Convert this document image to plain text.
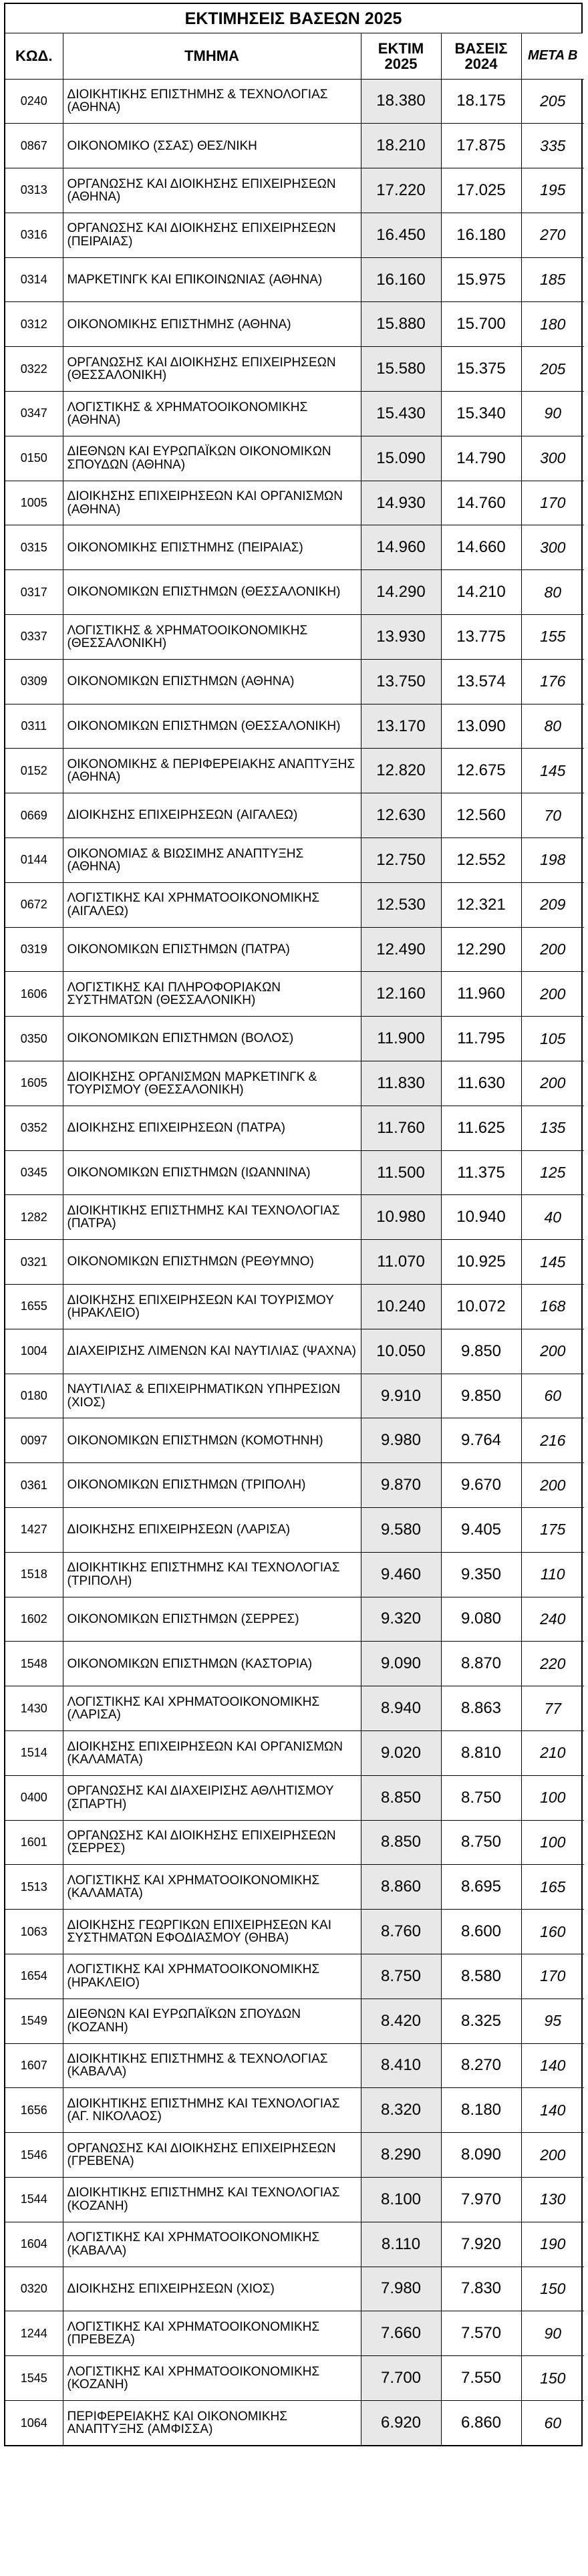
ΕΚΤΙΜΗΣΕΙΣ ΒΑΣΕΩΝ 2025
ΚΩΔ.	ΤΜΗΜΑ	ΕΚΤΙΜ 2025	ΒΑΣΕΙΣ 2024	ΜΕΤΑ Β
0240	ΔΙΟΙΚΗΤΙΚΗΣ ΕΠΙΣΤΗΜΗΣ & ΤΕΧΝΟΛΟΓΙΑΣ (ΑΘΗΝΑ)	18.380	18.175	205
0867	ΟΙΚΟΝΟΜΙΚΟ (ΣΣΑΣ) ΘΕΣ/ΝΙΚΗ	18.210	17.875	335
0313	ΟΡΓΑΝΩΣΗΣ ΚΑΙ ΔΙΟΙΚΗΣΗΣ ΕΠΙΧΕΙΡΗΣΕΩΝ (ΑΘΗΝΑ)	17.220	17.025	195
0316	ΟΡΓΑΝΩΣΗΣ ΚΑΙ ΔΙΟΙΚΗΣΗΣ ΕΠΙΧΕΙΡΗΣΕΩΝ (ΠΕΙΡΑΙΑΣ)	16.450	16.180	270
0314	ΜΑΡΚΕΤΙΝΓΚ ΚΑΙ ΕΠΙΚΟΙΝΩΝΙΑΣ (ΑΘΗΝΑ)	16.160	15.975	185
0312	ΟΙΚΟΝΟΜΙΚΗΣ ΕΠΙΣΤΗΜΗΣ (ΑΘΗΝΑ)	15.880	15.700	180
0322	ΟΡΓΑΝΩΣΗΣ ΚΑΙ ΔΙΟΙΚΗΣΗΣ ΕΠΙΧΕΙΡΗΣΕΩΝ (ΘΕΣΣΑΛΟΝΙΚΗ)	15.580	15.375	205
0347	ΛΟΓΙΣΤΙΚΗΣ & ΧΡΗΜΑΤΟΟΙΚΟΝΟΜΙΚΗΣ (ΑΘΗΝΑ)	15.430	15.340	90
0150	ΔΙΕΘΝΩΝ ΚΑΙ ΕΥΡΩΠΑΪΚΩΝ ΟΙΚΟΝΟΜΙΚΩΝ ΣΠΟΥΔΩΝ (ΑΘΗΝΑ)	15.090	14.790	300
1005	ΔΙΟΙΚΗΣΗΣ ΕΠΙΧΕΙΡΗΣΕΩΝ ΚΑΙ ΟΡΓΑΝΙΣΜΩΝ (ΑΘΗΝΑ)	14.930	14.760	170
0315	ΟΙΚΟΝΟΜΙΚΗΣ ΕΠΙΣΤΗΜΗΣ (ΠΕΙΡΑΙΑΣ)	14.960	14.660	300
0317	ΟΙΚΟΝΟΜΙΚΩΝ ΕΠΙΣΤΗΜΩΝ (ΘΕΣΣΑΛΟΝΙΚΗ)	14.290	14.210	80
0337	ΛΟΓΙΣΤΙΚΗΣ & ΧΡΗΜΑΤΟΟΙΚΟΝΟΜΙΚΗΣ (ΘΕΣΣΑΛΟΝΙΚΗ)	13.930	13.775	155
0309	ΟΙΚΟΝΟΜΙΚΩΝ ΕΠΙΣΤΗΜΩΝ (ΑΘΗΝΑ)	13.750	13.574	176
0311	ΟΙΚΟΝΟΜΙΚΩΝ ΕΠΙΣΤΗΜΩΝ (ΘΕΣΣΑΛΟΝΙΚΗ)	13.170	13.090	80
0152	ΟΙΚΟΝΟΜΙΚΗΣ & ΠΕΡΙΦΕΡΕΙΑΚΗΣ ΑΝΑΠΤΥΞΗΣ (ΑΘΗΝΑ)	12.820	12.675	145
0669	ΔΙΟΙΚΗΣΗΣ ΕΠΙΧΕΙΡΗΣΕΩΝ (ΑΙΓΑΛΕΩ)	12.630	12.560	70
0144	ΟΙΚΟΝΟΜΙΑΣ & ΒΙΩΣΙΜΗΣ ΑΝΑΠΤΥΞΗΣ (ΑΘΗΝΑ)	12.750	12.552	198
0672	ΛΟΓΙΣΤΙΚΗΣ ΚΑΙ ΧΡΗΜΑΤΟΟΙΚΟΝΟΜΙΚΗΣ (ΑΙΓΑΛΕΩ)	12.530	12.321	209
0319	ΟΙΚΟΝΟΜΙΚΩΝ ΕΠΙΣΤΗΜΩΝ (ΠΑΤΡΑ)	12.490	12.290	200
1606	ΛΟΓΙΣΤΙΚΗΣ ΚΑΙ ΠΛΗΡΟΦΟΡΙΑΚΩΝ ΣΥΣΤΗΜΑΤΩΝ (ΘΕΣΣΑΛΟΝΙΚΗ)	12.160	11.960	200
0350	ΟΙΚΟΝΟΜΙΚΩΝ ΕΠΙΣΤΗΜΩΝ (ΒΟΛΟΣ)	11.900	11.795	105
1605	ΔΙΟΙΚΗΣΗΣ ΟΡΓΑΝΙΣΜΩΝ ΜΑΡΚΕΤΙΝΓΚ & ΤΟΥΡΙΣΜΟΥ (ΘΕΣΣΑΛΟΝΙΚΗ)	11.830	11.630	200
0352	ΔΙΟΙΚΗΣΗΣ ΕΠΙΧΕΙΡΗΣΕΩΝ (ΠΑΤΡΑ)	11.760	11.625	135
0345	ΟΙΚΟΝΟΜΙΚΩΝ ΕΠΙΣΤΗΜΩΝ (ΙΩΑΝΝΙΝΑ)	11.500	11.375	125
1282	ΔΙΟΙΚΗΤΙΚΗΣ ΕΠΙΣΤΗΜΗΣ ΚΑΙ ΤΕΧΝΟΛΟΓΙΑΣ (ΠΑΤΡΑ)	10.980	10.940	40
0321	ΟΙΚΟΝΟΜΙΚΩΝ ΕΠΙΣΤΗΜΩΝ (ΡΕΘΥΜΝΟ)	11.070	10.925	145
1655	ΔΙΟΙΚΗΣΗΣ ΕΠΙΧΕΙΡΗΣΕΩΝ ΚΑΙ ΤΟΥΡΙΣΜΟΥ (ΗΡΑΚΛΕΙΟ)	10.240	10.072	168
1004	ΔΙΑΧΕΙΡΙΣΗΣ ΛΙΜΕΝΩΝ ΚΑΙ ΝΑΥΤΙΛΙΑΣ (ΨΑΧΝΑ)	10.050	9.850	200
0180	ΝΑΥΤΙΛΙΑΣ & ΕΠΙΧΕΙΡΗΜΑΤΙΚΩΝ ΥΠΗΡΕΣΙΩΝ (ΧΙΟΣ)	9.910	9.850	60
0097	ΟΙΚΟΝΟΜΙΚΩΝ ΕΠΙΣΤΗΜΩΝ (ΚΟΜΟΤΗΝΗ)	9.980	9.764	216
0361	ΟΙΚΟΝΟΜΙΚΩΝ ΕΠΙΣΤΗΜΩΝ (ΤΡΙΠΟΛΗ)	9.870	9.670	200
1427	ΔΙΟΙΚΗΣΗΣ ΕΠΙΧΕΙΡΗΣΕΩΝ (ΛΑΡΙΣΑ)	9.580	9.405	175
1518	ΔΙΟΙΚΗΤΙΚΗΣ ΕΠΙΣΤΗΜΗΣ ΚΑΙ ΤΕΧΝΟΛΟΓΙΑΣ (ΤΡΙΠΟΛΗ)	9.460	9.350	110
1602	ΟΙΚΟΝΟΜΙΚΩΝ ΕΠΙΣΤΗΜΩΝ (ΣΕΡΡΕΣ)	9.320	9.080	240
1548	ΟΙΚΟΝΟΜΙΚΩΝ ΕΠΙΣΤΗΜΩΝ (ΚΑΣΤΟΡΙΑ)	9.090	8.870	220
1430	ΛΟΓΙΣΤΙΚΗΣ ΚΑΙ ΧΡΗΜΑΤΟΟΙΚΟΝΟΜΙΚΗΣ (ΛΑΡΙΣΑ)	8.940	8.863	77
1514	ΔΙΟΙΚΗΣΗΣ ΕΠΙΧΕΙΡΗΣΕΩΝ ΚΑΙ ΟΡΓΑΝΙΣΜΩΝ (ΚΑΛΑΜΑΤΑ)	9.020	8.810	210
0400	ΟΡΓΑΝΩΣΗΣ ΚΑΙ ΔΙΑΧΕΙΡΙΣΗΣ ΑΘΛΗΤΙΣΜΟΥ (ΣΠΑΡΤΗ)	8.850	8.750	100
1601	ΟΡΓΑΝΩΣΗΣ ΚΑΙ ΔΙΟΙΚΗΣΗΣ ΕΠΙΧΕΙΡΗΣΕΩΝ (ΣΕΡΡΕΣ)	8.850	8.750	100
1513	ΛΟΓΙΣΤΙΚΗΣ ΚΑΙ ΧΡΗΜΑΤΟΟΙΚΟΝΟΜΙΚΗΣ (ΚΑΛΑΜΑΤΑ)	8.860	8.695	165
1063	ΔΙΟΙΚΗΣΗΣ ΓΕΩΡΓΙΚΩΝ ΕΠΙΧΕΙΡΗΣΕΩΝ ΚΑΙ ΣΥΣΤΗΜΑΤΩΝ ΕΦΟΔΙΑΣΜΟΥ (ΘΗΒΑ)	8.760	8.600	160
1654	ΛΟΓΙΣΤΙΚΗΣ ΚΑΙ ΧΡΗΜΑΤΟΟΙΚΟΝΟΜΙΚΗΣ (ΗΡΑΚΛΕΙΟ)	8.750	8.580	170
1549	ΔΙΕΘΝΩΝ ΚΑΙ ΕΥΡΩΠΑΪΚΩΝ ΣΠΟΥΔΩΝ (ΚΟΖΑΝΗ)	8.420	8.325	95
1607	ΔΙΟΙΚΗΤΙΚΗΣ ΕΠΙΣΤΗΜΗΣ & ΤΕΧΝΟΛΟΓΙΑΣ (ΚΑΒΑΛΑ)	8.410	8.270	140
1656	ΔΙΟΙΚΗΤΙΚΗΣ ΕΠΙΣΤΗΜΗΣ ΚΑΙ ΤΕΧΝΟΛΟΓΙΑΣ (ΑΓ. ΝΙΚΟΛΑΟΣ)	8.320	8.180	140
1546	ΟΡΓΑΝΩΣΗΣ ΚΑΙ ΔΙΟΙΚΗΣΗΣ ΕΠΙΧΕΙΡΗΣΕΩΝ (ΓΡΕΒΕΝΑ)	8.290	8.090	200
1544	ΔΙΟΙΚΗΤΙΚΗΣ ΕΠΙΣΤΗΜΗΣ ΚΑΙ ΤΕΧΝΟΛΟΓΙΑΣ (ΚΟΖΑΝΗ)	8.100	7.970	130
1604	ΛΟΓΙΣΤΙΚΗΣ ΚΑΙ ΧΡΗΜΑΤΟΟΙΚΟΝΟΜΙΚΗΣ (ΚΑΒΑΛΑ)	8.110	7.920	190
0320	ΔΙΟΙΚΗΣΗΣ ΕΠΙΧΕΙΡΗΣΕΩΝ (ΧΙΟΣ)	7.980	7.830	150
1244	ΛΟΓΙΣΤΙΚΗΣ ΚΑΙ ΧΡΗΜΑΤΟΟΙΚΟΝΟΜΙΚΗΣ (ΠΡΕΒΕΖΑ)	7.660	7.570	90
1545	ΛΟΓΙΣΤΙΚΗΣ ΚΑΙ ΧΡΗΜΑΤΟΟΙΚΟΝΟΜΙΚΗΣ (ΚΟΖΑΝΗ)	7.700	7.550	150
1064	ΠΕΡΙΦΕΡΕΙΑΚΗΣ ΚΑΙ ΟΙΚΟΝΟΜΙΚΗΣ ΑΝΑΠΤΥΞΗΣ (ΑΜΦΙΣΣΑ)	6.920	6.860	60
